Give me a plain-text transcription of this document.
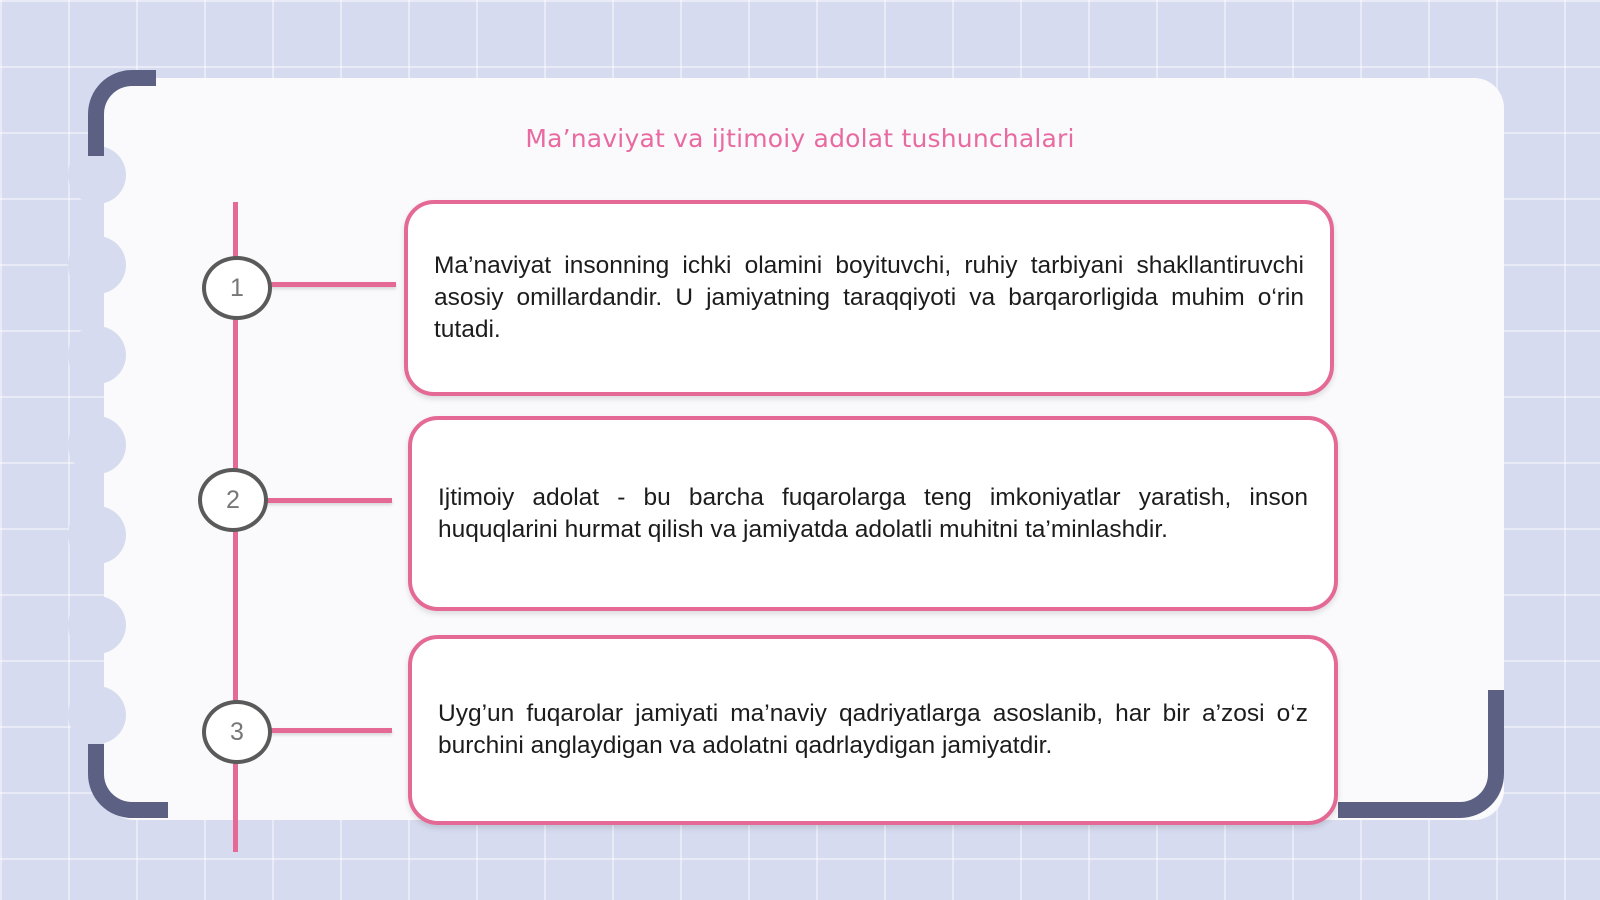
Ma’naviyat va ijtimoiy adolat tushunchalari
1

Ma’naviyat insonning ichki olamini boyituvchi, ruhiy tarbiyani shakllantiruvchi asosiy omillardandir. U jamiyatning taraqqiyoti va barqarorligida muhim o‘rin tutadi.

2	Ijtimoiy adolat - bu barcha fuqarolarga teng imkoniyatlar yaratish, inson huquqlarini hurmat qilish va jamiyatda adolatli muhitni ta’minlashdir.

3

Uyg’un fuqarolar jamiyati ma’naviy qadriyatlarga asoslanib, har bir a’zosi o‘z burchini anglaydigan va adolatni qadrlaydigan jamiyatdir.
